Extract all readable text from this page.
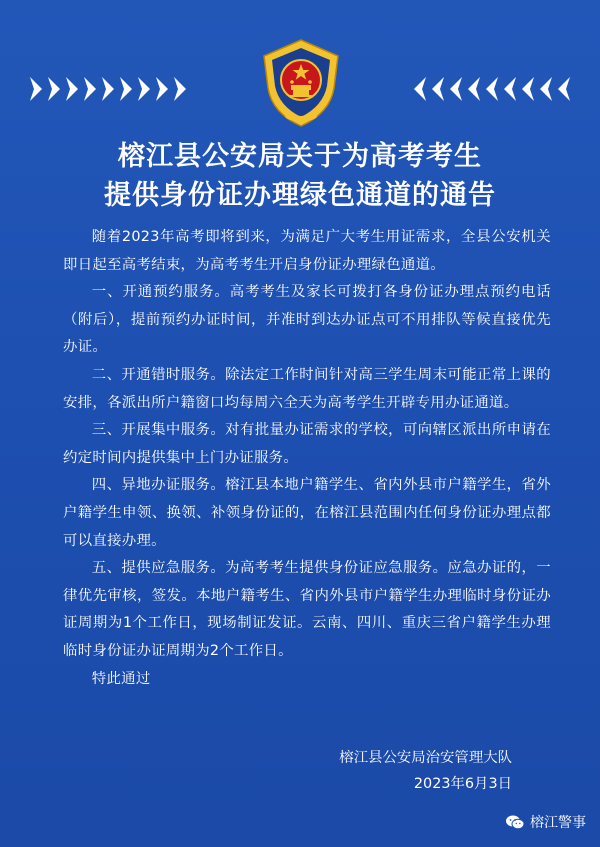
榕江县公安局关于为高考考生
提供身份证办理绿色通道的通告

随着2023年高考即将到来，为满足广大考生用证需求，全县公安机关即日起至高考结束，为高考考生开启身份证办理绿色通道。

一、开通预约服务。高考考生及家长可拨打各身份证办理点预约电话（附后），提前预约办证时间，并准时到达办证点可不用排队等候直接优先办证。

二、开通错时服务。除法定工作时间针对高三学生周末可能正常上课的安排，各派出所户籍窗口均每周六全天为高考学生开辟专用办证通道。

三、开展集中服务。对有批量办证需求的学校，可向辖区派出所申请在约定时间内提供集中上门办证服务。

四、异地办证服务。榕江县本地户籍学生、省内外县市户籍学生，省外户籍学生申领、换领、补领身份证的，在榕江县范围内任何身份证办理点都可以直接办理。

五、提供应急服务。为高考考生提供身份证应急服务。应急办证的，一律优先审核，签发。本地户籍考生、省内外县市户籍学生办理临时身份证办证周期为1个工作日，现场制证发证。云南、四川、重庆三省户籍学生办理临时身份证办证周期为2个工作日。

特此通过

榕江县公安局治安管理大队
2023年6月3日
榕江警事
